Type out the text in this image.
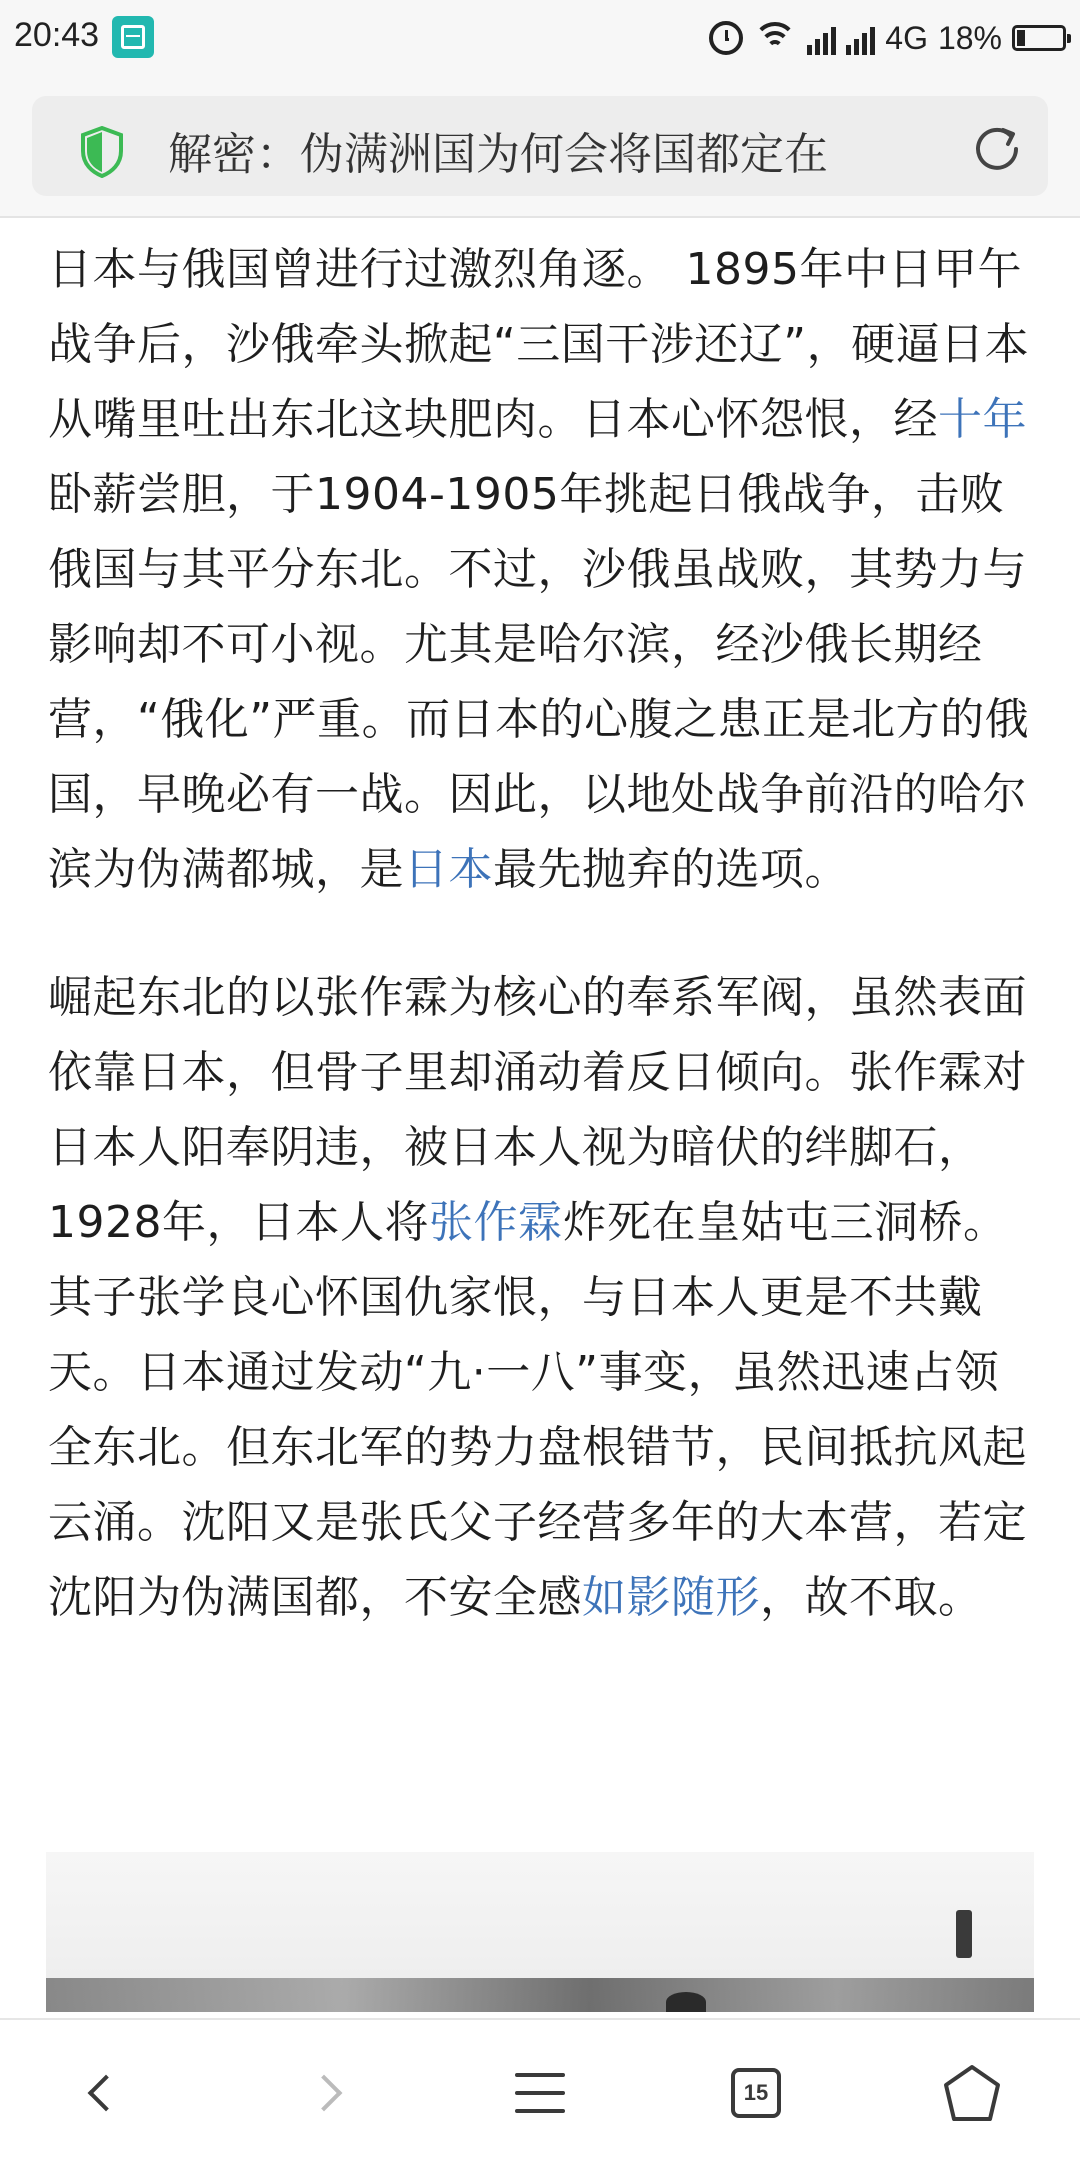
20:43	4G 18%
解密：伪满洲国为何会将国都定在

日本与俄国曾进行过激烈角逐。 1895年中日甲午战争后，沙俄牵头掀起“三国干涉还辽”，硬逼日本从嘴里吐出东北这块肥肉。日本心怀怨恨，经十年卧薪尝胆，于1904-1905年挑起日俄战争，击败俄国与其平分东北。不过，沙俄虽战败，其势力与影响却不可小视。尤其是哈尔滨，经沙俄长期经营，“俄化”严重。而日本的心腹之患正是北方的俄国，早晚必有一战。因此，以地处战争前沿的哈尔滨为伪满都城，是日本最先抛弃的选项。

崛起东北的以张作霖为核心的奉系军阀，虽然表面依靠日本，但骨子里却涌动着反日倾向。张作霖对日本人阳奉阴违，被日本人视为暗伏的绊脚石，1928年，日本人将张作霖炸死在皇姑屯三洞桥。其子张学良心怀国仇家恨，与日本人更是不共戴天。日本通过发动“九·一八”事变，虽然迅速占领全东北。但东北军的势力盘根错节，民间抵抗风起云涌。沈阳又是张氏父子经营多年的大本营，若定沈阳为伪满国都，不安全感如影随形，故不取。

15
